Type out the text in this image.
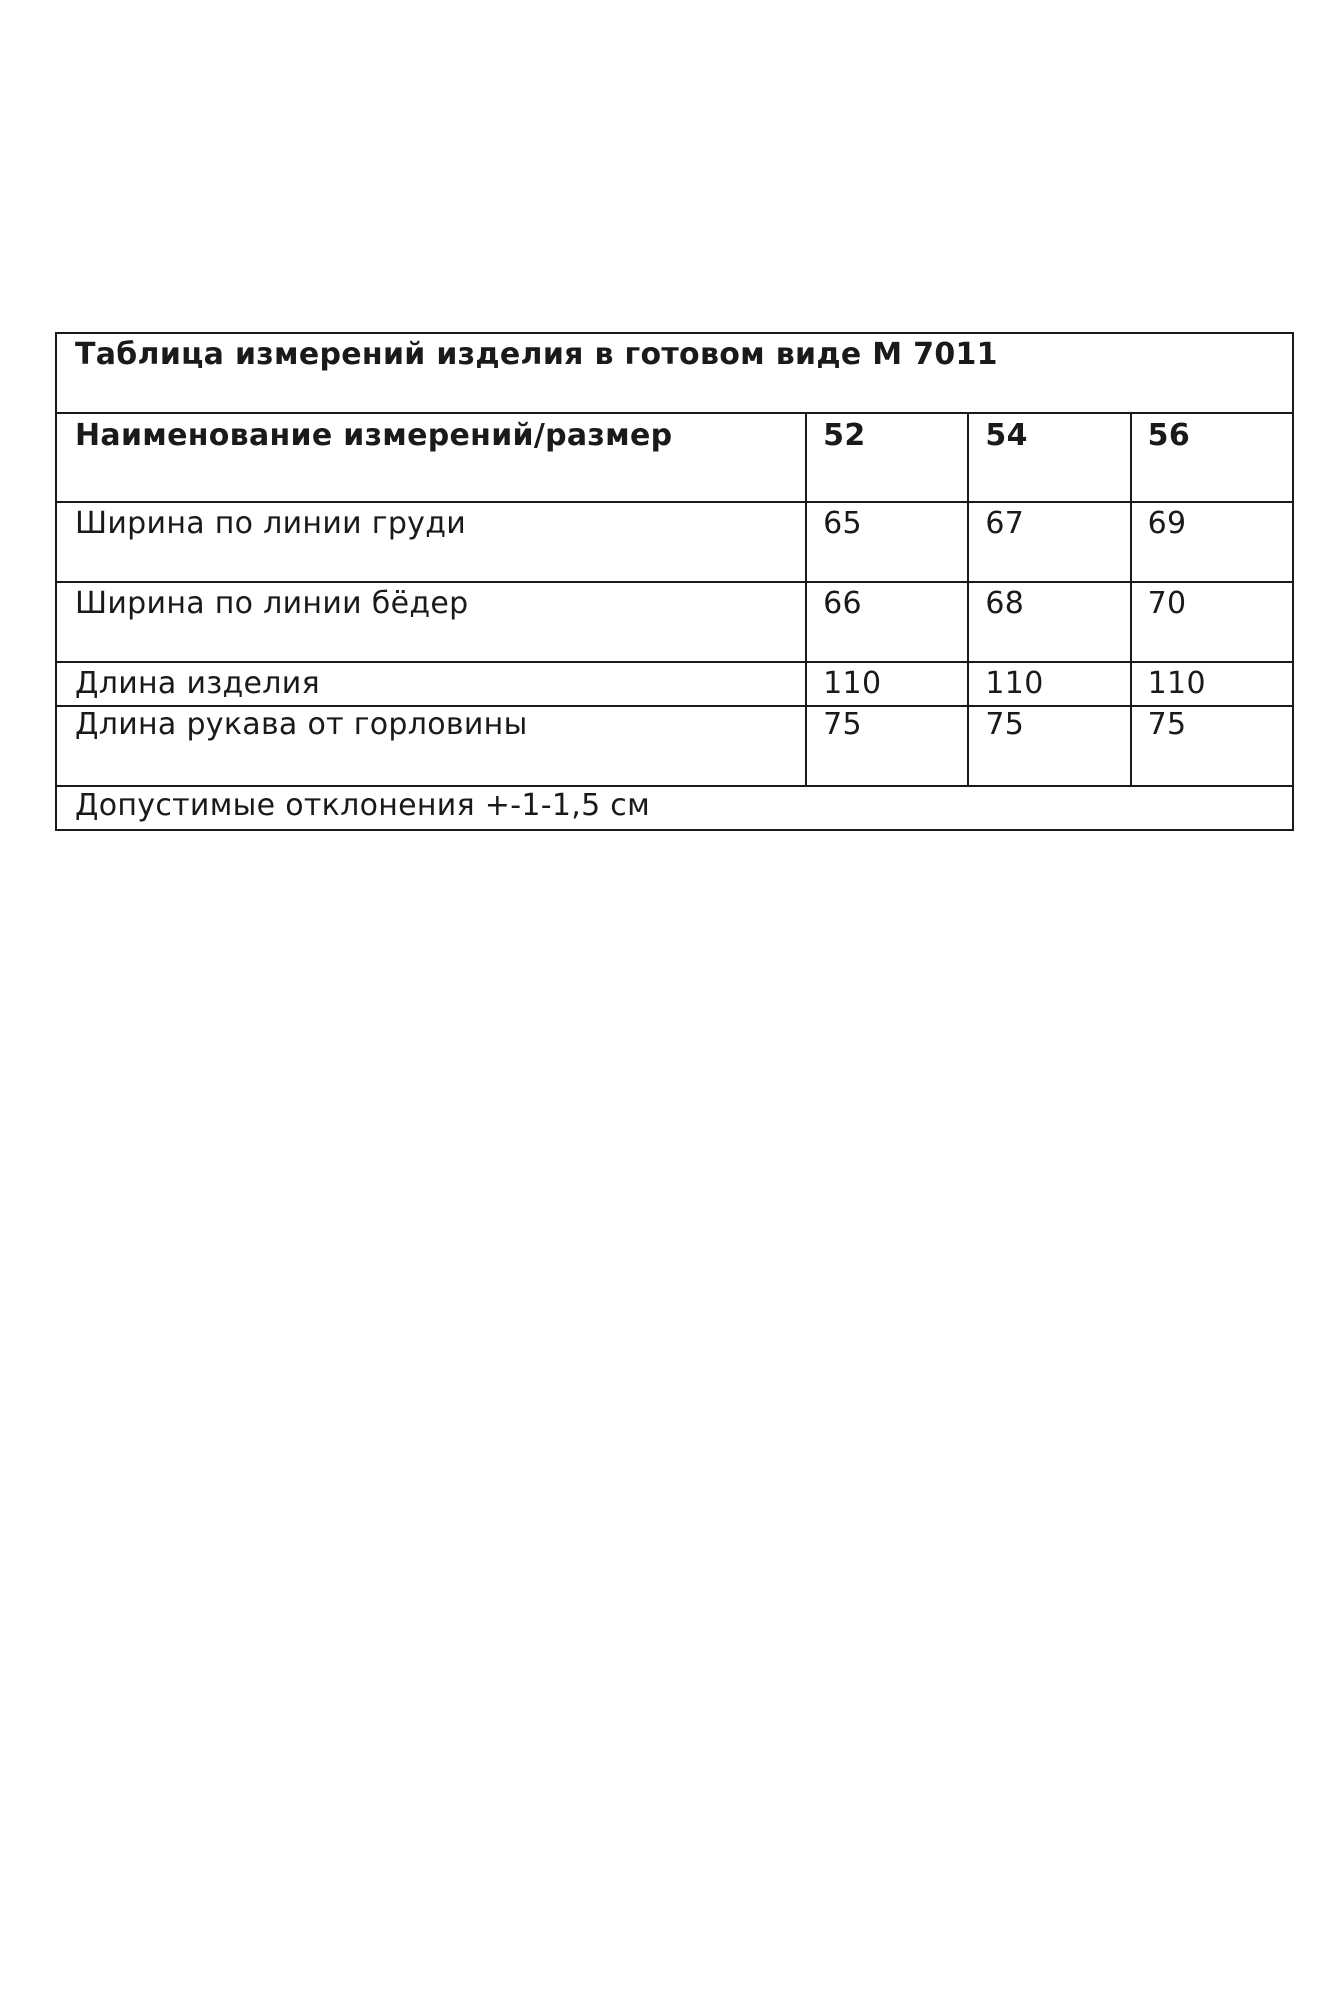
Таблица измерений изделия в готовом виде М 7011			

Наименование измерений/размер	52	54	56

Ширина по линии груди	65	67	69

Ширина по линии бёдер	66	68	70

Длина изделия	110	110	110

Длина рукава от горловины	75	75	75

Допустимые отклонения +-1-1,5 см			
